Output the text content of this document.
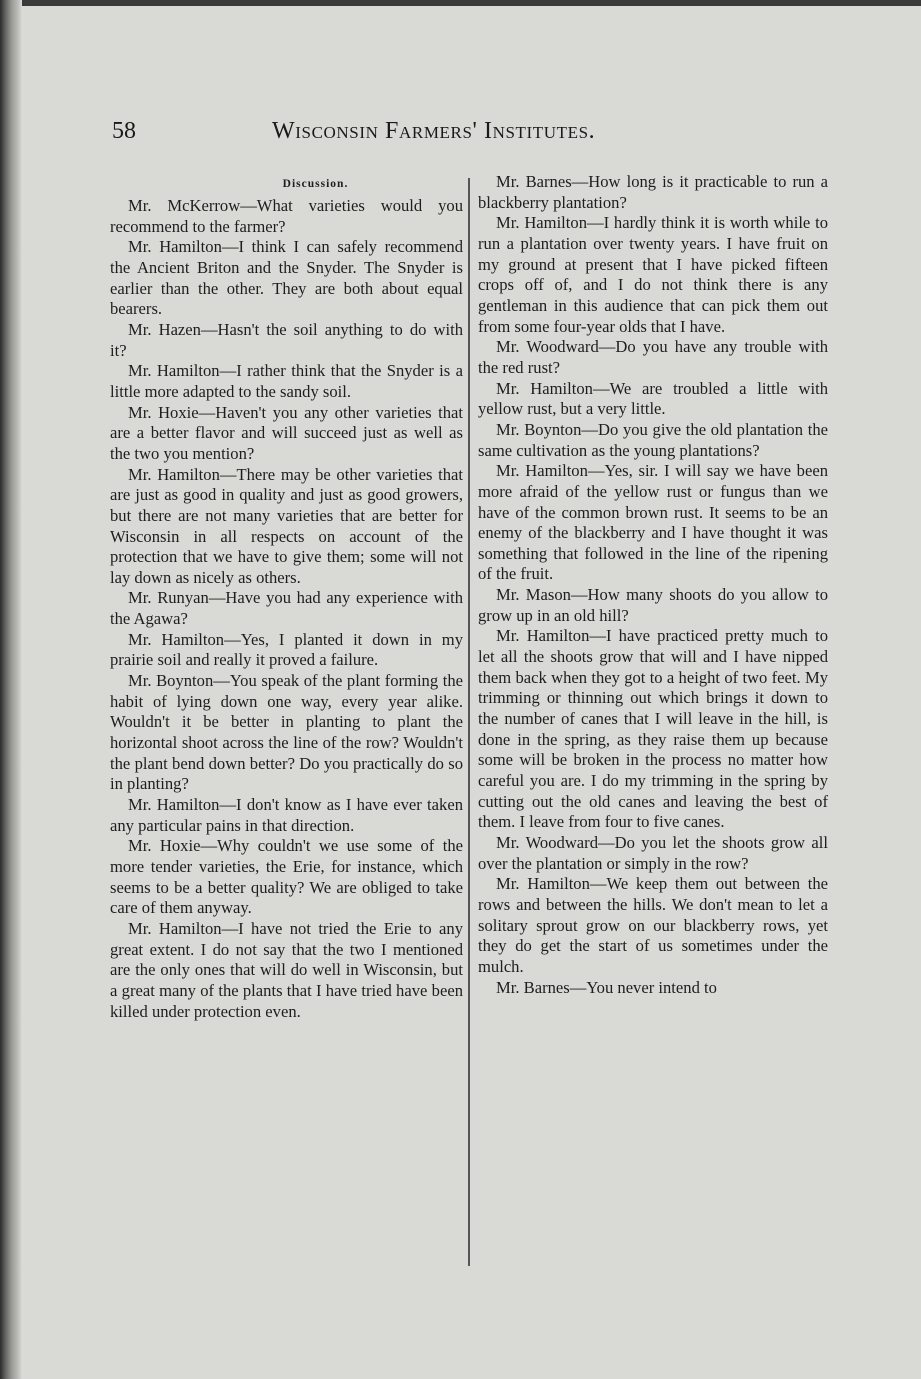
58	Wisconsin Farmers' Institutes.

Discussion.

Mr. McKerrow—What varieties would you recommend to the farmer?

Mr. Hamilton—I think I can safely recommend the Ancient Briton and the Snyder. The Snyder is earlier than the other. They are both about equal bearers.

Mr. Hazen—Hasn't the soil anything to do with it?

Mr. Hamilton—I rather think that the Snyder is a little more adapted to the sandy soil.

Mr. Hoxie—Haven't you any other varieties that are a better flavor and will succeed just as well as the two you mention?

Mr. Hamilton—There may be other varieties that are just as good in quality and just as good growers, but there are not many varieties that are better for Wisconsin in all respects on account of the protection that we have to give them; some will not lay down as nicely as others.

Mr. Runyan—Have you had any experience with the Agawa?

Mr. Hamilton—Yes, I planted it down in my prairie soil and really it proved a failure.

Mr. Boynton—You speak of the plant forming the habit of lying down one way, every year alike. Wouldn't it be better in planting to plant the horizontal shoot across the line of the row? Wouldn't the plant bend down better? Do you practically do so in planting?

Mr. Hamilton—I don't know as I have ever taken any particular pains in that direction.

Mr. Hoxie—Why couldn't we use some of the more tender varieties, the Erie, for instance, which seems to be a better quality? We are obliged to take care of them anyway.

Mr. Hamilton—I have not tried the Erie to any great extent. I do not say that the two I mentioned are the only ones that will do well in Wisconsin, but a great many of the plants that I have tried have been killed under protection even.

Mr. Barnes—How long is it practicable to run a blackberry plantation?

Mr. Hamilton—I hardly think it is worth while to run a plantation over twenty years. I have fruit on my ground at present that I have picked fifteen crops off of, and I do not think there is any gentleman in this audience that can pick them out from some four-year olds that I have.

Mr. Woodward—Do you have any trouble with the red rust?

Mr. Hamilton—We are troubled a little with yellow rust, but a very little.

Mr. Boynton—Do you give the old plantation the same cultivation as the young plantations?

Mr. Hamilton—Yes, sir. I will say we have been more afraid of the yellow rust or fungus than we have of the common brown rust. It seems to be an enemy of the blackberry and I have thought it was something that followed in the line of the ripening of the fruit.

Mr. Mason—How many shoots do you allow to grow up in an old hill?

Mr. Hamilton—I have practiced pretty much to let all the shoots grow that will and I have nipped them back when they got to a height of two feet. My trimming or thinning out which brings it down to the number of canes that I will leave in the hill, is done in the spring, as they raise them up because some will be broken in the process no matter how careful you are. I do my trimming in the spring by cutting out the old canes and leaving the best of them. I leave from four to five canes.

Mr. Woodward—Do you let the shoots grow all over the plantation or simply in the row?

Mr. Hamilton—We keep them out between the rows and between the hills. We don't mean to let a solitary sprout grow on our blackberry rows, yet they do get the start of us sometimes under the mulch.

Mr. Barnes—You never intend to
